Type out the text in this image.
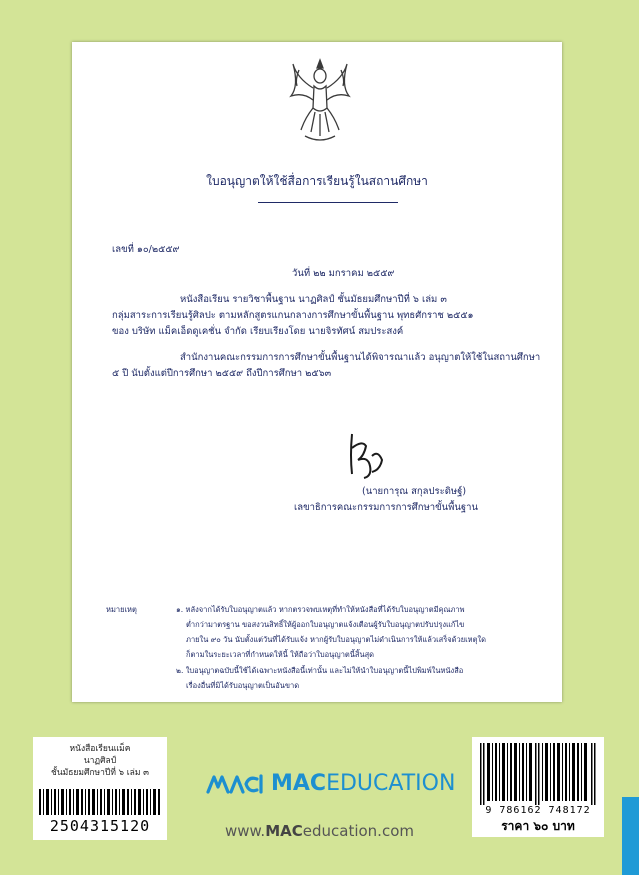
ใบอนุญาตให้ใช้สื่อการเรียนรู้ในสถานศึกษา
เลขที่ ๑๐/๒๕๕๙
วันที่ ๒๒ มกราคม ๒๕๕๙
หนังสือเรียน รายวิชาพื้นฐาน นาฏศิลป์ ชั้นมัธยมศึกษาปีที่ ๖ เล่ม ๓
กลุ่มสาระการเรียนรู้ศิลปะ ตามหลักสูตรแกนกลางการศึกษาขั้นพื้นฐาน พุทธศักราช ๒๕๕๑
ของ บริษัท แม็คเอ็ดดูเคชั่น จำกัด เรียบเรียงโดย นายจิรทัศน์ สมประสงค์
สำนักงานคณะกรรมการการศึกษาขั้นพื้นฐานได้พิจารณาแล้ว อนุญาตให้ใช้ในสถานศึกษา
๕ ปี นับตั้งแต่ปีการศึกษา ๒๕๕๙ ถึงปีการศึกษา ๒๕๖๓
(นายการุณ สกุลประดิษฐ์)
เลขาธิการคณะกรรมการการศึกษาขั้นพื้นฐาน
หมายเหตุ	๑. หลังจากได้รับใบอนุญาตแล้ว หากตรวจพบเหตุที่ทำให้หนังสือที่ได้รับใบอนุญาตมีคุณภาพ
ต่ำกว่ามาตรฐาน ขอสงวนสิทธิ์ให้ผู้ออกใบอนุญาตแจ้งเตือนผู้รับใบอนุญาตปรับปรุงแก้ไข
ภายใน ๙๐ วัน นับตั้งแต่วันที่ได้รับแจ้ง หากผู้รับใบอนุญาตไม่ดำเนินการให้แล้วเสร็จด้วยเหตุใด
ก็ตามในระยะเวลาที่กำหนดให้นี้ ให้ถือว่าใบอนุญาตนี้สิ้นสุด
๒. ใบอนุญาตฉบับนี้ใช้ได้เฉพาะหนังสือนี้เท่านั้น และไม่ให้นำใบอนุญาตนี้ไปพิมพ์ในหนังสือ
เรื่องอื่นที่มิได้รับอนุญาตเป็นอันขาด
หนังสือเรียนแม็ค
นาฏศิลป์
ชั้นมัธยมศึกษาปีที่ ๖ เล่ม ๓
2504315120
MACEDUCATION
www.MACeducation.com
9 786162 748172
ราคา ๖๐ บาท
